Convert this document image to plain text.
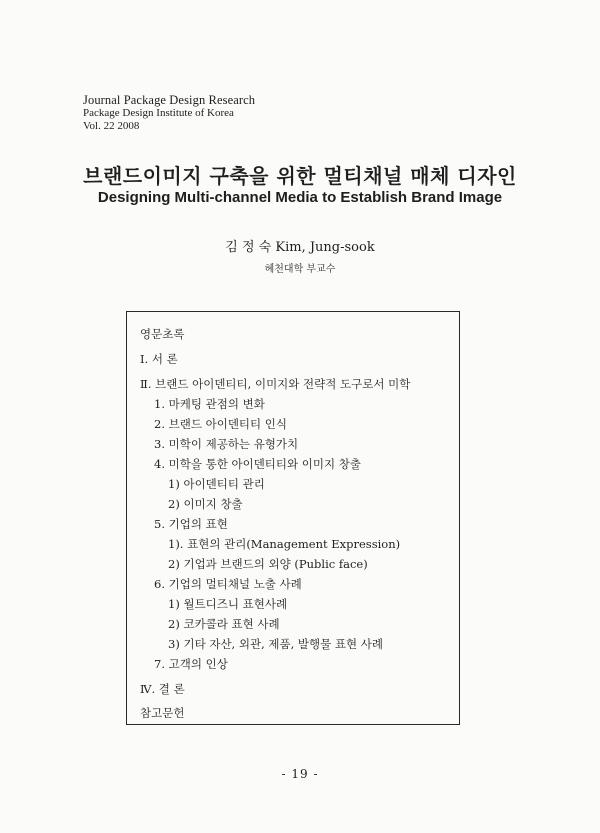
Journal Package Design Research
Package Design Institute of Korea
Vol. 22 2008
브랜드이미지 구축을 위한 멀티채널 매체 디자인
Designing Multi-channel Media to Establish Brand Image
김 정 숙 Kim, Jung-sook
혜천대학 부교수
영문초록
Ⅰ. 서 론
Ⅱ. 브랜드 아이덴티티, 이미지와 전략적 도구로서 미학
1. 마케팅 관점의 변화
2. 브랜드 아이덴티티 인식
3. 미학이 제공하는 유형가치
4. 미학을 통한 아이덴티티와 이미지 창출
1) 아이덴티티 관리
2) 이미지 창출
5. 기업의 표현
1). 표현의 관리(Management Expression)
2) 기업과 브랜드의 외양 (Public face)
6. 기업의 멀티채널 노출 사례
1) 월트디즈니 표현사례
2) 코카콜라 표현 사례
3) 기타 자산, 외관, 제품, 발행물 표현 사례
7. 고객의 인상
Ⅳ. 결 론
참고문헌
- 19 -
